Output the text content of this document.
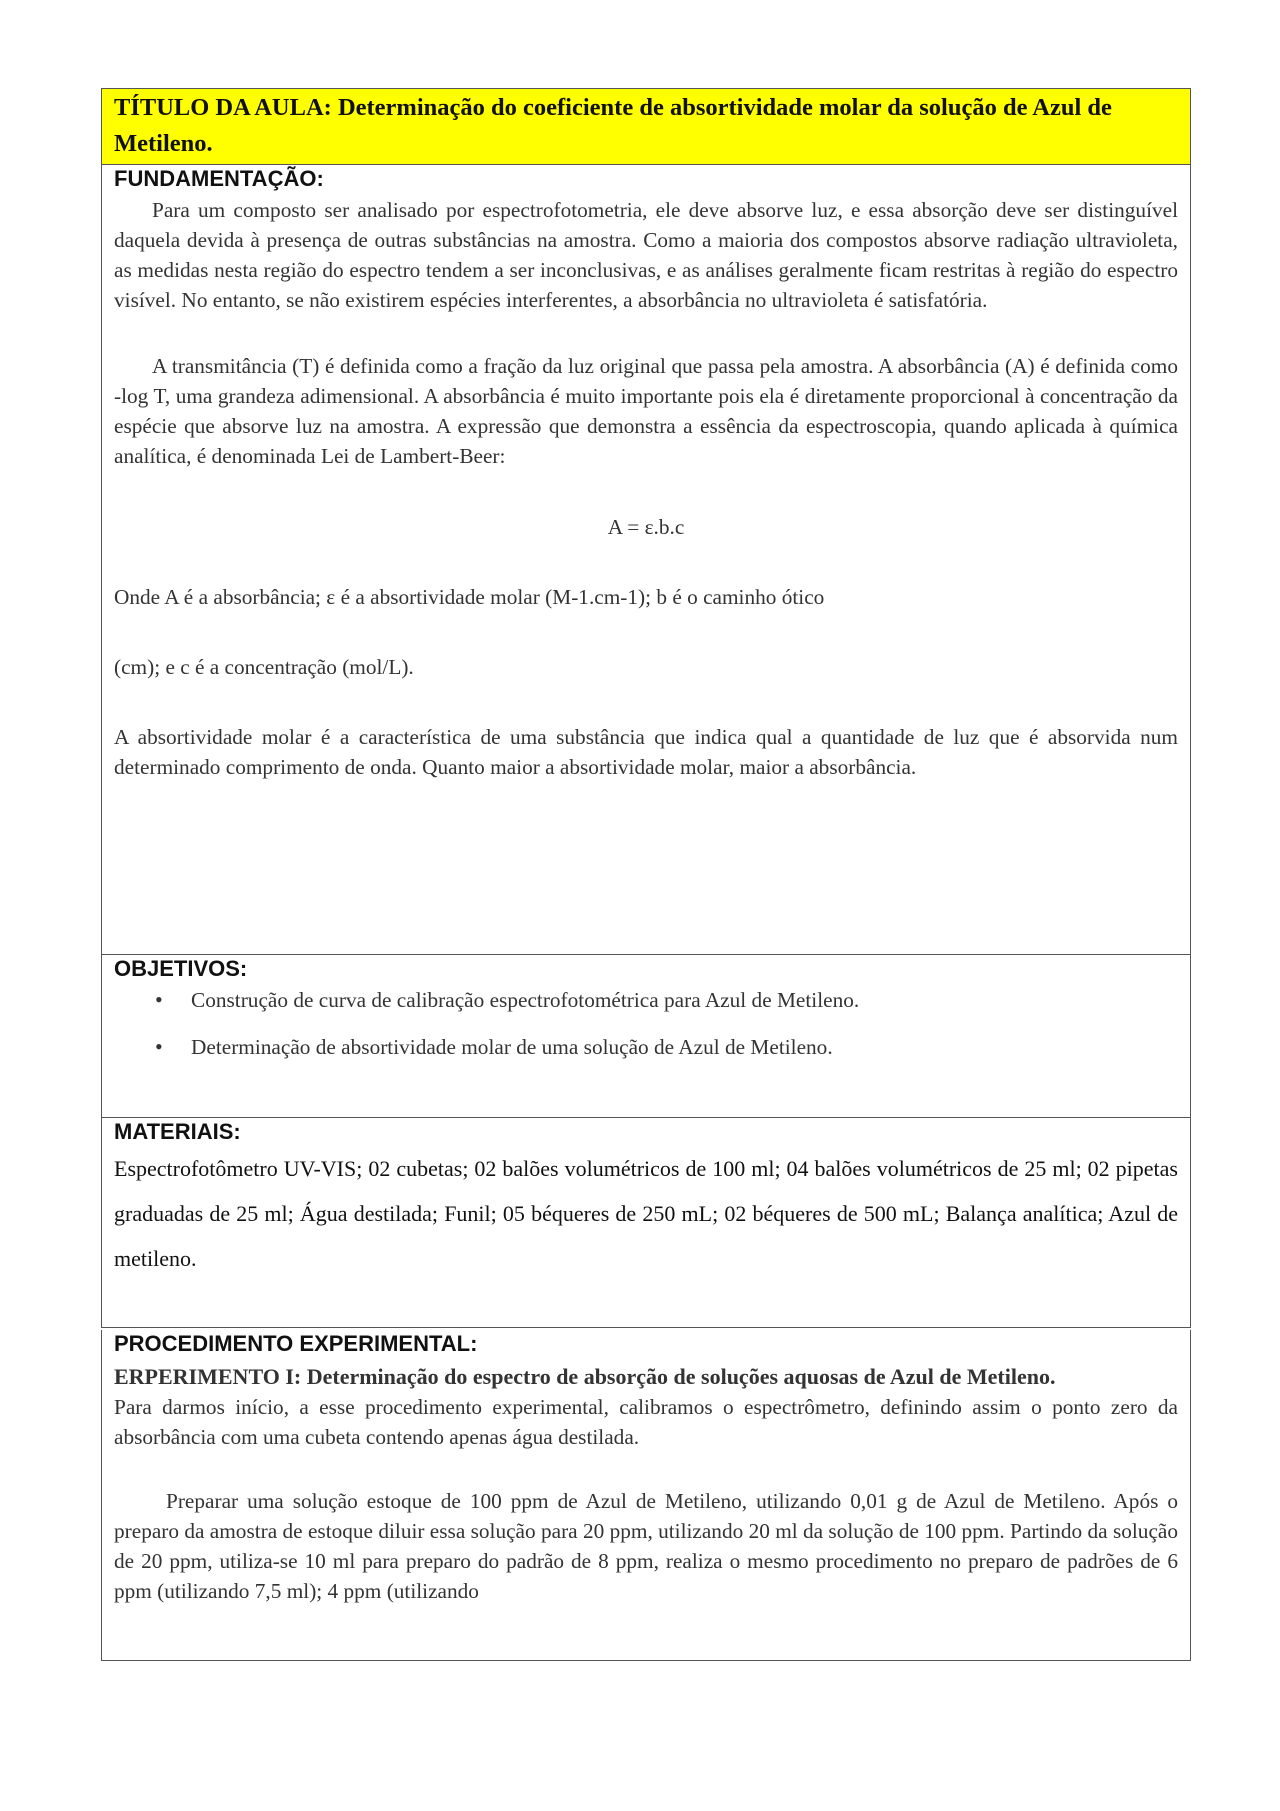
TÍTULO DA AULA: Determinação do coeficiente de absortividade molar da solução de Azul de Metileno.
FUNDAMENTAÇÃO:

Para um composto ser analisado por espectrofotometria, ele deve absorve luz, e essa absorção deve ser distinguível daquela devida à presença de outras substâncias na amostra. Como a maioria dos compostos absorve radiação ultravioleta, as medidas nesta região do espectro tendem a ser inconclusivas, e as análises geralmente ficam restritas à região do espectro visível. No entanto, se não existirem espécies interferentes, a absorbância no ultravioleta é satisfatória.

A transmitância (T) é definida como a fração da luz original que passa pela amostra. A absorbância (A) é definida como -log T, uma grandeza adimensional. A absorbância é muito importante pois ela é diretamente proporcional à concentração da espécie que absorve luz na amostra. A expressão que demonstra a essência da espectroscopia, quando aplicada à química analítica, é denominada Lei de Lambert-Beer:

A = ε.b.c

Onde A é a absorbância; ε é a absortividade molar (M-1.cm-1); b é o caminho ótico

(cm); e c é a concentração (mol/L).

A absortividade molar é a característica de uma substância que indica qual a quantidade de luz que é absorvida num determinado comprimento de onda. Quanto maior a absortividade molar, maior a absorbância.

OBJETIVOS:
• Construção de curva de calibração espectrofotométrica para Azul de Metileno.
• Determinação de absortividade molar de uma solução de Azul de Metileno.
MATERIAIS:

Espectrofotômetro UV-VIS; 02 cubetas; 02 balões volumétricos de 100 ml; 04 balões volumétricos de 25 ml; 02 pipetas graduadas de 25 ml; Água destilada; Funil; 05 béqueres de 250 mL; 02 béqueres de 500 mL; Balança analítica; Azul de metileno.

PROCEDIMENTO EXPERIMENTAL:

ERPERIMENTO I: Determinação do espectro de absorção de soluções aquosas de Azul de Metileno.

Para darmos início, a esse procedimento experimental, calibramos o espectrômetro, definindo assim o ponto zero da absorbância com uma cubeta contendo apenas água destilada.

Preparar uma solução estoque de 100 ppm de Azul de Metileno, utilizando 0,01 g de Azul de Metileno. Após o preparo da amostra de estoque diluir essa solução para 20 ppm, utilizando 20 ml da solução de 100 ppm. Partindo da solução de 20 ppm, utiliza-se 10 ml para preparo do padrão de 8 ppm, realiza o mesmo procedimento no preparo de padrões de 6 ppm (utilizando 7,5 ml); 4 ppm (utilizando
